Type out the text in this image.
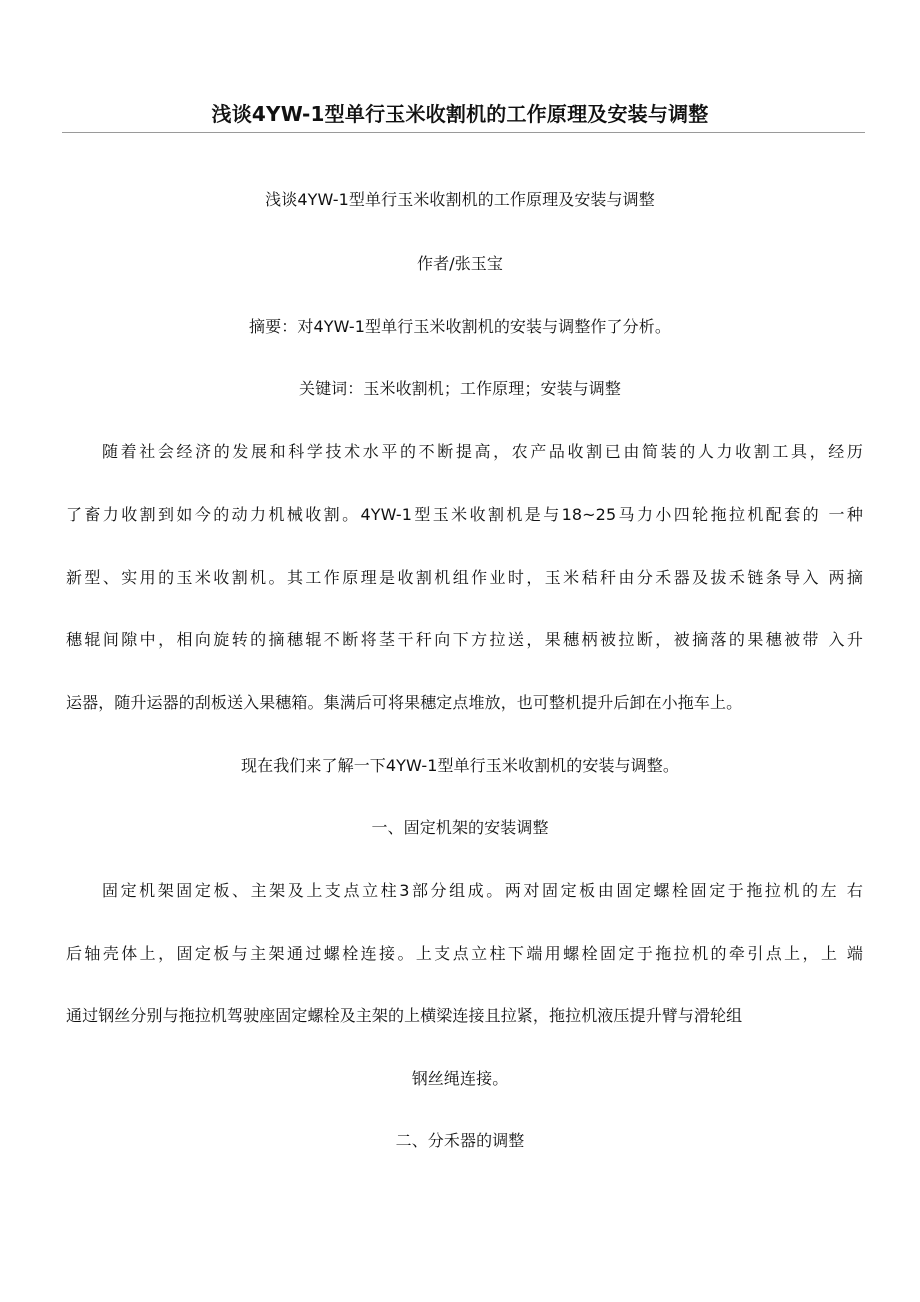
浅谈4YW-1型单行玉米收割机的工作原理及安装与调整
浅谈4YW-1型单行玉米收割机的工作原理及安装与调整
作者/张玉宝
摘要：对4YW-1型单行玉米收割机的安装与调整作了分析。
关键词：玉米收割机；工作原理；安装与调整
随着社会经济的发展和科学技术水平的不断提高，农产品收割已由简装的人力收割工具，经历
了畜力收割到如今的动力机械收割。4YW-1型玉米收割机是与18~25马力小四轮拖拉机配套的 一种
新型、实用的玉米收割机。其工作原理是收割机组作业时，玉米秸秆由分禾器及拔禾链条导入 两摘
穗辊间隙中，相向旋转的摘穗辊不断将茎干秆向下方拉送，果穗柄被拉断，被摘落的果穗被带 入升
运器，随升运器的刮板送入果穗箱。集满后可将果穗定点堆放，也可整机提升后卸在小拖车上。
现在我们来了解一下4YW-1型单行玉米收割机的安装与调整。
一、固定机架的安装调整
固定机架固定板、主架及上支点立柱3部分组成。两对固定板由固定螺栓固定于拖拉机的左 右
后轴壳体上，固定板与主架通过螺栓连接。上支点立柱下端用螺栓固定于拖拉机的牵引点上，上 端
通过钢丝分别与拖拉机驾驶座固定螺栓及主架的上横梁连接且拉紧，拖拉机液压提升臂与滑轮组
钢丝绳连接。
二、分禾器的调整
